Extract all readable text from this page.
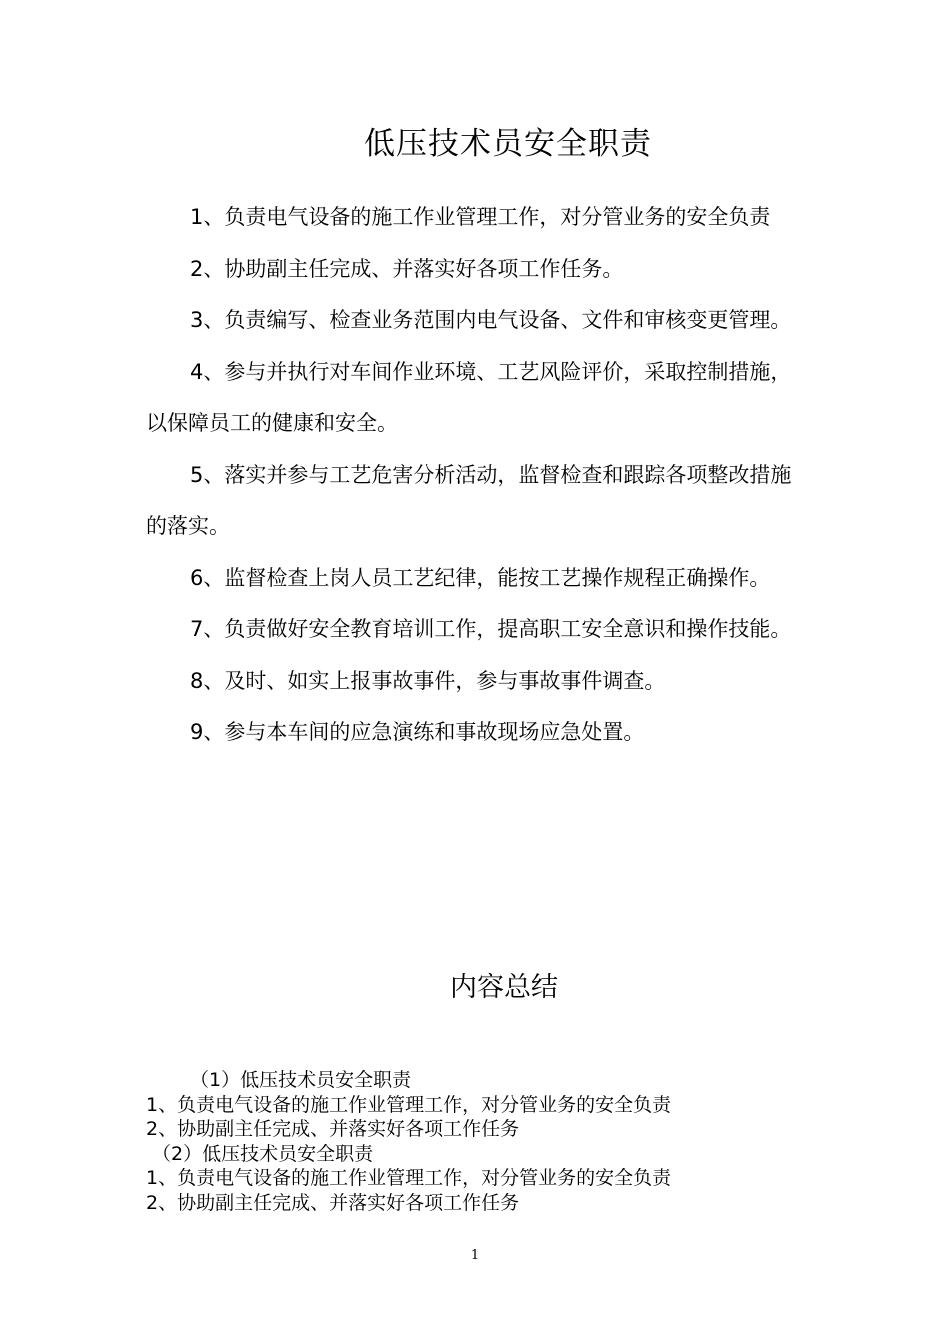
低压技术员安全职责

1、负责电气设备的施工作业管理工作，对分管业务的安全负责

2、协助副主任完成、并落实好各项工作任务。

3、负责编写、检查业务范围内电气设备、文件和审核变更管理。

4、参与并执行对车间作业环境、工艺风险评价，采取控制措施，以保障员工的健康和安全。

5、落实并参与工艺危害分析活动，监督检查和跟踪各项整改措施的落实。

6、监督检查上岗人员工艺纪律，能按工艺操作规程正确操作。

7、负责做好安全教育培训工作，提高职工安全意识和操作技能。

8、及时、如实上报事故事件，参与事故事件调查。

9、参与本车间的应急演练和事故现场应急处置。

内容总结

（1）低压技术员安全职责

1、负责电气设备的施工作业管理工作，对分管业务的安全负责

2、协助副主任完成、并落实好各项工作任务

（2）低压技术员安全职责

1、负责电气设备的施工作业管理工作，对分管业务的安全负责

2、协助副主任完成、并落实好各项工作任务

1
